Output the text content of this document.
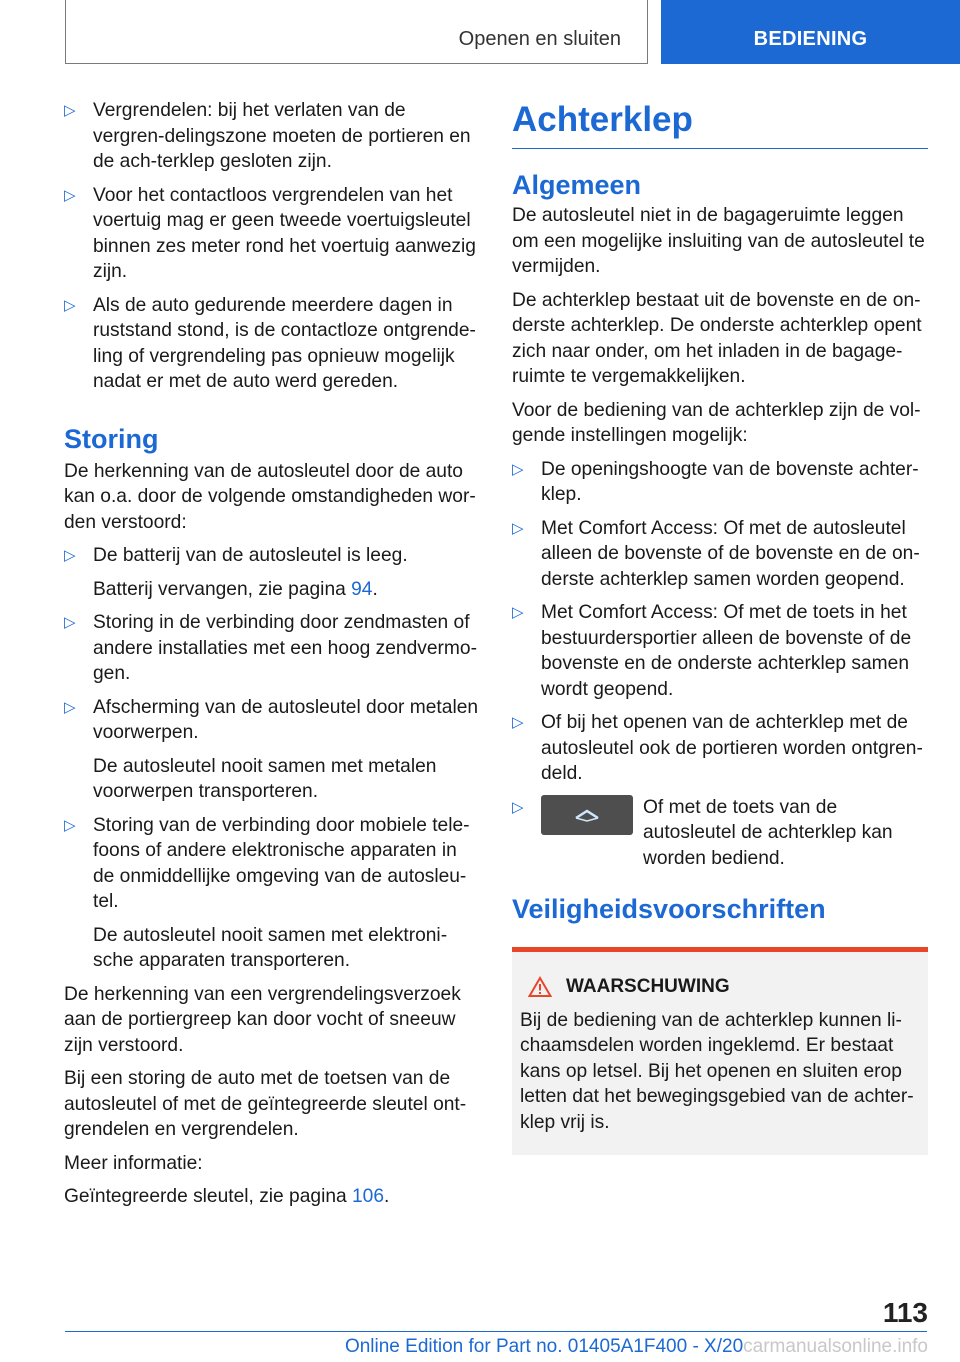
Openen en sluiten	BEDIENING
▷ Vergrendelen: bij het verlaten van de vergren-delingszone moeten de portieren en de ach-terklep gesloten zijn.
▷ Voor het contactloos vergrendelen van het voertuig mag er geen tweede voertuigsleutel binnen zes meter rond het voertuig aanwezig zijn.
▷ Als de auto gedurende meerdere dagen in ruststand stond, is de contactloze ontgrende-ling of vergrendeling pas opnieuw mogelijk nadat er met de auto werd gereden.
Storing

De herkenning van de autosleutel door de auto kan o.a. door de volgende omstandigheden wor-den verstoord:

▷ De batterij van de autosleutel is leeg.
Batterij vervangen, zie pagina 94.
▷ Storing in de verbinding door zendmasten of andere installaties met een hoog zendvermo-gen.
▷ Afscherming van de autosleutel door metalen voorwerpen.
De autosleutel nooit samen met metalen voorwerpen transporteren.
▷ Storing van de verbinding door mobiele tele-foons of andere elektronische apparaten in de onmiddellijke omgeving van de autosleu-tel.
De autosleutel nooit samen met elektroni-sche apparaten transporteren.

De herkenning van een vergrendelingsverzoek aan de portiergreep kan door vocht of sneeuw zijn verstoord.

Bij een storing de auto met de toetsen van de autosleutel of met de geïntegreerde sleutel ont-grendelen en vergrendelen.

Meer informatie:

Geïntegreerde sleutel, zie pagina 106.

Achterklep
Algemeen

De autosleutel niet in de bagageruimte leggen om een mogelijke insluiting van de autosleutel te vermijden.

De achterklep bestaat uit de bovenste en de on-derste achterklep. De onderste achterklep opent zich naar onder, om het inladen in de bagage-ruimte te vergemakkelijken.

Voor de bediening van de achterklep zijn de vol-gende instellingen mogelijk:

▷ De openingshoogte van de bovenste achter-klep.
▷ Met Comfort Access: Of met de autosleutel alleen de bovenste of de bovenste en de on-derste achterklep samen worden geopend.
▷ Met Comfort Access: Of met de toets in het bestuurdersportier alleen de bovenste of de bovenste en de onderste achterklep samen wordt geopend.
▷ Of bij het openen van de achterklep met de autosleutel ook de portieren worden ontgren-deld.
▷	Of met de toets van de autosleutel de achterklep kan worden bediend.
Veiligheidsvoorschriften
WAARSCHUWING
Bij de bediening van de achterklep kunnen li-chaamsdelen worden ingeklemd. Er bestaat kans op letsel. Bij het openen en sluiten erop letten dat het bewegingsgebied van de achter-klep vrij is.
113
Online Edition for Part no. 01405A1F400 - X/20carmanualsonline.info
